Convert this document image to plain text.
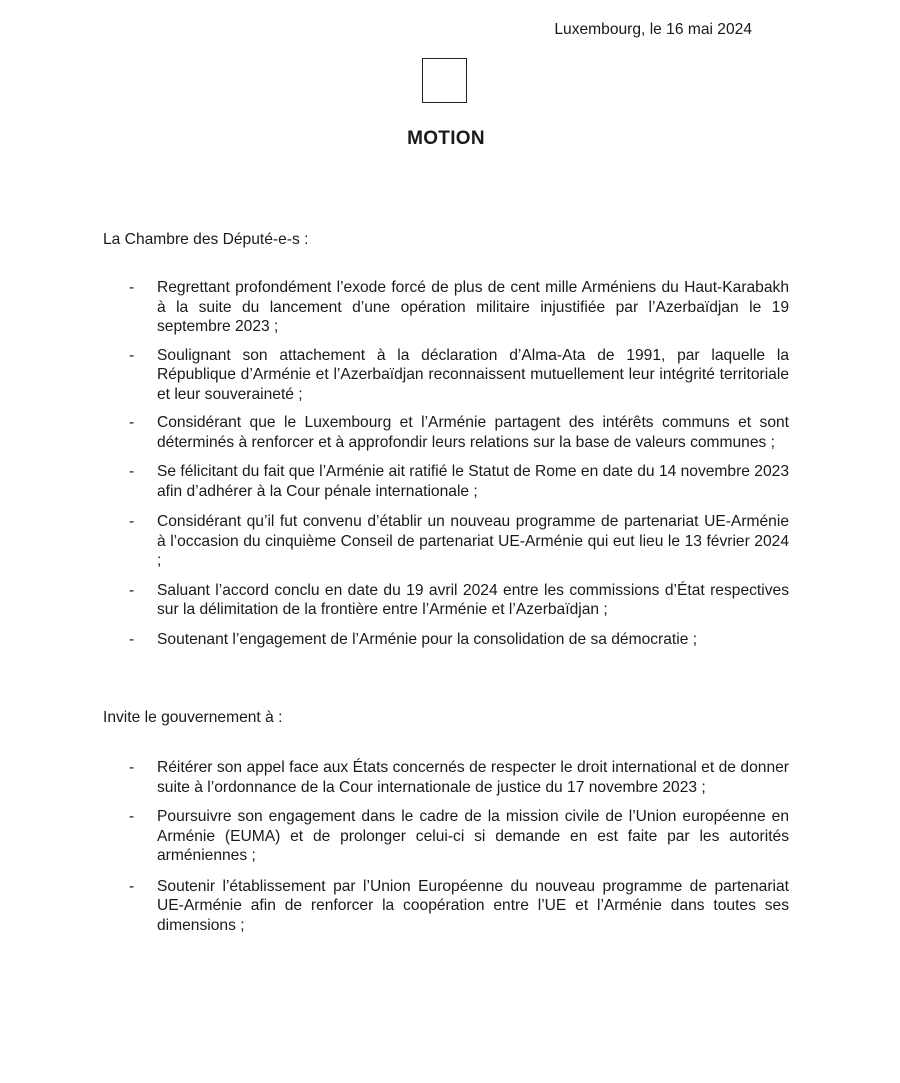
Luxembourg, le 16 mai 2024
MOTION
La Chambre des Député-e-s :
- Regrettant profondément l’exode forcé de plus de cent mille Arméniens du Haut-Karabakh à la suite du lancement d’une opération militaire injustifiée par l’Azerbaïdjan le 19 septembre 2023 ;
- Soulignant son attachement à la déclaration d’Alma-Ata de 1991, par laquelle la République d’Arménie et l’Azerbaïdjan reconnaissent mutuellement leur intégrité territoriale et leur souveraineté ;
- Considérant que le Luxembourg et l’Arménie partagent des intérêts communs et sont déterminés à renforcer et à approfondir leurs relations sur la base de valeurs communes ;
- Se félicitant du fait que l’Arménie ait ratifié le Statut de Rome en date du 14 novembre 2023 afin d’adhérer à la Cour pénale internationale ;
- Considérant qu’il fut convenu d’établir un nouveau programme de partenariat UE-Arménie à l’occasion du cinquième Conseil de partenariat UE-Arménie qui eut lieu le 13 février 2024 ;
- Saluant l’accord conclu en date du 19 avril 2024 entre les commissions d’État respectives sur la délimitation de la frontière entre l’Arménie et l’Azerbaïdjan ;
- Soutenant l’engagement de l’Arménie pour la consolidation de sa démocratie ;
Invite le gouvernement à :
- Réitérer son appel face aux États concernés de respecter le droit international et de donner suite à l’ordonnance de la Cour internationale de justice du 17 novembre 2023 ;
- Poursuivre son engagement dans le cadre de la mission civile de l’Union européenne en Arménie (EUMA) et de prolonger celui-ci si demande en est faite par les autorités arméniennes ;
- Soutenir l’établissement par l’Union Européenne du nouveau programme de partenariat UE-Arménie afin de renforcer la coopération entre l’UE et l’Arménie dans toutes ses dimensions ;
